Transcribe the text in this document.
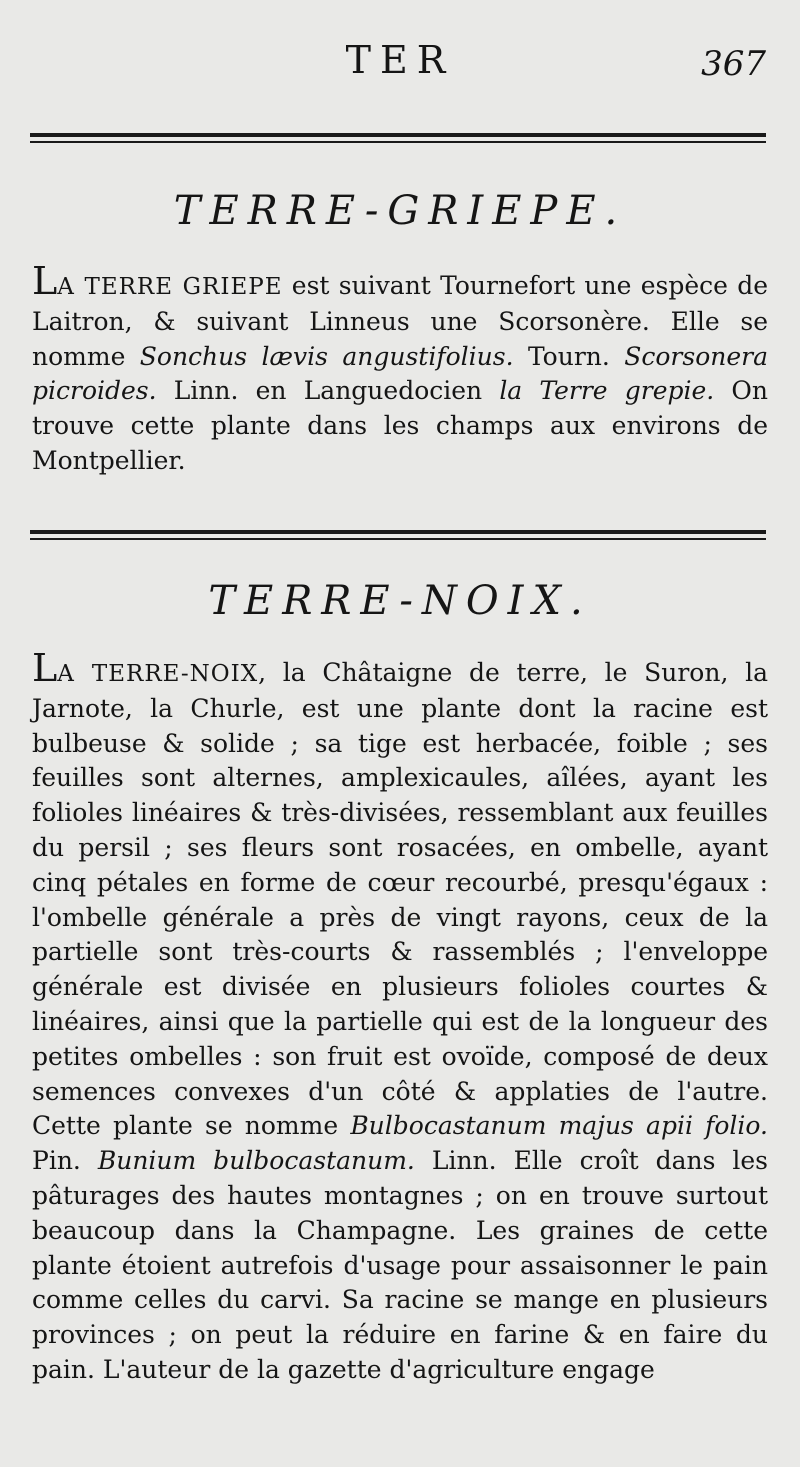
TER	367
TERRE-GRIEPE.

LA TERRE GRIEPE est suivant Tournefort une espèce de Laitron, & suivant Linneus une Scorsonère. Elle se nomme Sonchus lævis angustifolius. Tourn. Scorsonera picroides. Linn. en Languedocien la Terre grepie. On trouve cette plante dans les champs aux environs de Montpellier.

TERRE-NOIX.

LA TERRE-NOIX, la Châtaigne de terre, le Suron, la Jarnote, la Churle, est une plante dont la racine est bulbeuse & solide ; sa tige est herbacée, foible ; ses feuilles sont alternes, amplexicaules, aîlées, ayant les folioles linéaires & très-divisées, ressemblant aux feuilles du persil ; ses fleurs sont rosacées, en ombelle, ayant cinq pétales en forme de cœur recourbé, presqu'égaux : l'ombelle générale a près de vingt rayons, ceux de la partielle sont très-courts & rassemblés ; l'enveloppe générale est divisée en plusieurs folioles courtes & linéaires, ainsi que la partielle qui est de la longueur des petites ombelles : son fruit est ovoïde, composé de deux semences convexes d'un côté & applaties de l'autre. Cette plante se nomme Bulbocastanum majus apii folio. Pin. Bunium bulbocastanum. Linn. Elle croît dans les pâturages des hautes montagnes ; on en trouve surtout beaucoup dans la Champagne. Les graines de cette plante étoient autrefois d'usage pour assaisonner le pain comme celles du carvi. Sa racine se mange en plusieurs provinces ; on peut la réduire en farine & en faire du pain. L'auteur de la gazette d'agriculture engage
